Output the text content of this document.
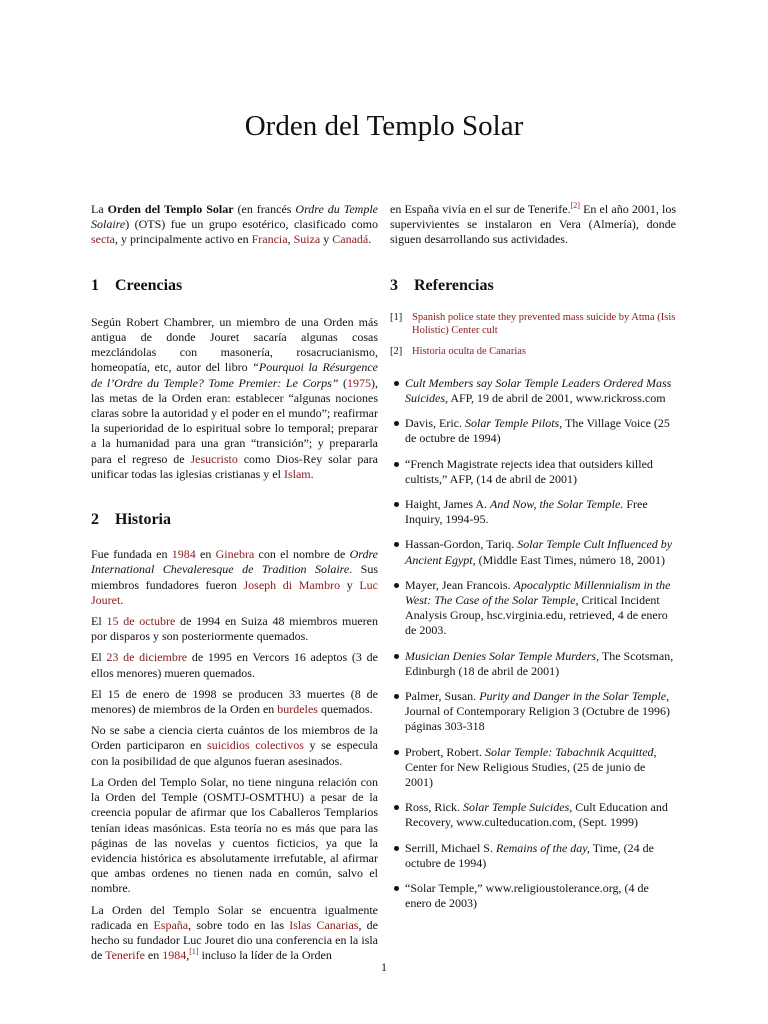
Orden del Templo Solar

La Orden del Templo Solar (en francés Ordre du Temple Solaire) (OTS) fue un grupo esotérico, clasificado como secta, y principalmente activo en Francia, Suiza y Canadá.

1	Creencias

Según Robert Chambrer, un miembro de una Orden más antigua de donde Jouret sacaría algunas cosas mezclándolas con masonería, rosacrucianismo, homeopatía, etc, autor del libro “Pourquoi la Résurgence de l’Ordre du Temple? Tome Premier: Le Corps” (1975), las metas de la Orden eran: establecer “algunas nociones claras sobre la autoridad y el poder en el mundo”; reafirmar la superioridad de lo espiritual sobre lo temporal; preparar a la humanidad para una gran “transición”; y prepararla para el regreso de Jesucristo como Dios-Rey solar para unificar todas las iglesias cristianas y el Islam.

2	Historia

Fue fundada en 1984 en Ginebra con el nombre de Ordre International Chevaleresque de Tradition Solaire. Sus miembros fundadores fueron Joseph di Mambro y Luc Jouret.

El 15 de octubre de 1994 en Suiza 48 miembros mueren por disparos y son posteriormente quemados.

El 23 de diciembre de 1995 en Vercors 16 adeptos (3 de ellos menores) mueren quemados.

El 15 de enero de 1998 se producen 33 muertes (8 de menores) de miembros de la Orden en burdeles quemados.

No se sabe a ciencia cierta cuántos de los miembros de la Orden participaron en suicidios colectivos y se especula con la posibilidad de que algunos fueran asesinados.

La Orden del Templo Solar, no tiene ninguna relación con la Orden del Temple (OSMTJ-OSMTHU) a pesar de la creencia popular de afirmar que los Caballeros Templarios tenían ideas masónicas. Esta teoría no es más que para las páginas de las novelas y cuentos ficticios, ya que la evidencia histórica es absolutamente irrefutable, al afirmar que ambas ordenes no tienen nada en común, salvo el nombre.

La Orden del Templo Solar se encuentra igualmente radicada en España, sobre todo en las Islas Canarias, de hecho su fundador Luc Jouret dio una conferencia en la isla de Tenerife en 1984,[1] incluso la líder de la Orden

en España vivía en el sur de Tenerife.[2] En el año 2001, los supervivientes se instalaron en Vera (Almería), donde siguen desarrollando sus actividades.

3	Referencias
[1] Spanish police state they prevented mass suicide by Atma (Isis Holistic) Center cult
[2] Historia oculta de Canarias
Cult Members say Solar Temple Leaders Ordered Mass Suicides, AFP, 19 de abril de 2001, www.rickross.com
Davis, Eric. Solar Temple Pilots, The Village Voice (25 de octubre de 1994)
“French Magistrate rejects idea that outsiders killed cultists,” AFP, (14 de abril de 2001)
Haight, James A. And Now, the Solar Temple. Free Inquiry, 1994-95.
Hassan-Gordon, Tariq. Solar Temple Cult Influenced by Ancient Egypt, (Middle East Times, número 18, 2001)
Mayer, Jean Francois. Apocalyptic Millennialism in the West: The Case of the Solar Temple, Critical Incident Analysis Group, hsc.virginia.edu, retrieved, 4 de enero de 2003.
Musician Denies Solar Temple Murders, The Scotsman, Edinburgh (18 de abril de 2001)
Palmer, Susan. Purity and Danger in the Solar Temple, Journal of Contemporary Religion 3 (Octubre de 1996) páginas 303-318
Probert, Robert. Solar Temple: Tabachnik Acquitted, Center for New Religious Studies, (25 de junio de 2001)
Ross, Rick. Solar Temple Suicides, Cult Education and Recovery, www.culteducation.com, (Sept. 1999)
Serrill, Michael S. Remains of the day, Time, (24 de octubre de 1994)
“Solar Temple,” www.religioustolerance.org, (4 de enero de 2003)
1
